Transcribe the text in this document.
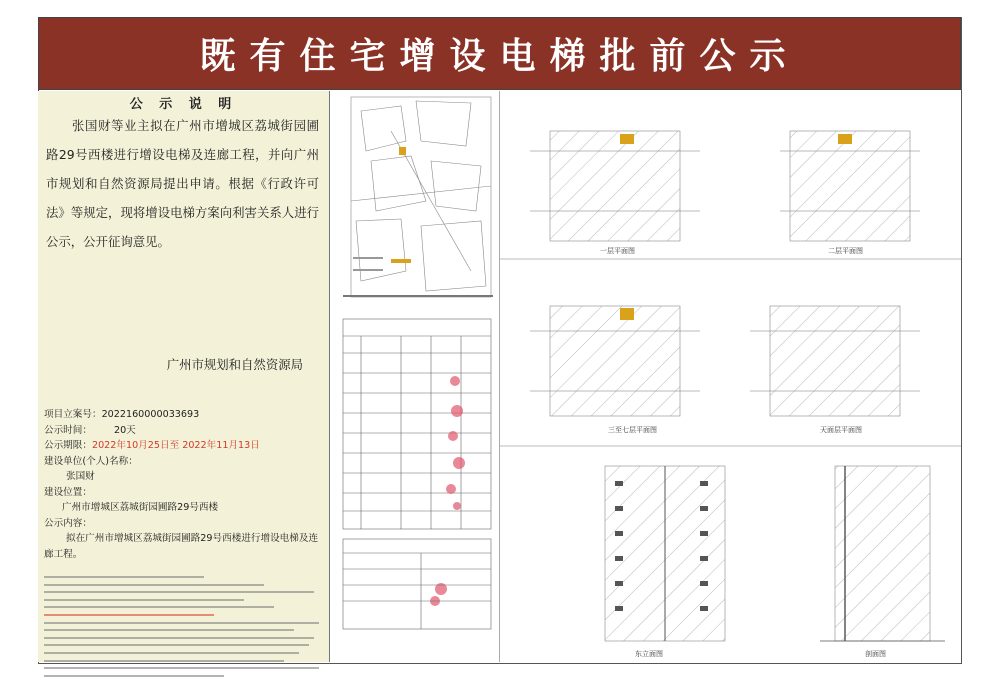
既有住宅增设电梯批前公示
公 示 说 明

张国财等业主拟在广州市增城区荔城街园圃路29号西楼进行增设电梯及连廊工程，并向广州市规划和自然资源局提出申请。根据《行政许可法》等规定，现将增设电梯方案向利害关系人进行公示，公开征询意见。

广州市规划和自然资源局
项目立案号：2022160000033693
公示时间： 20天
公示期限：2022年10月25日至 2022年11月13日
建设单位(个人)名称：
张国财
建设位置：
广州市增城区荔城街园圃路29号西楼
公示内容：
拟在广州市增城区荔城街园圃路29号西楼进行增设电梯及连廊工程。
一层平面图	二层平面图
三至七层平面图	天面层平面图
东立面图	剖面图
